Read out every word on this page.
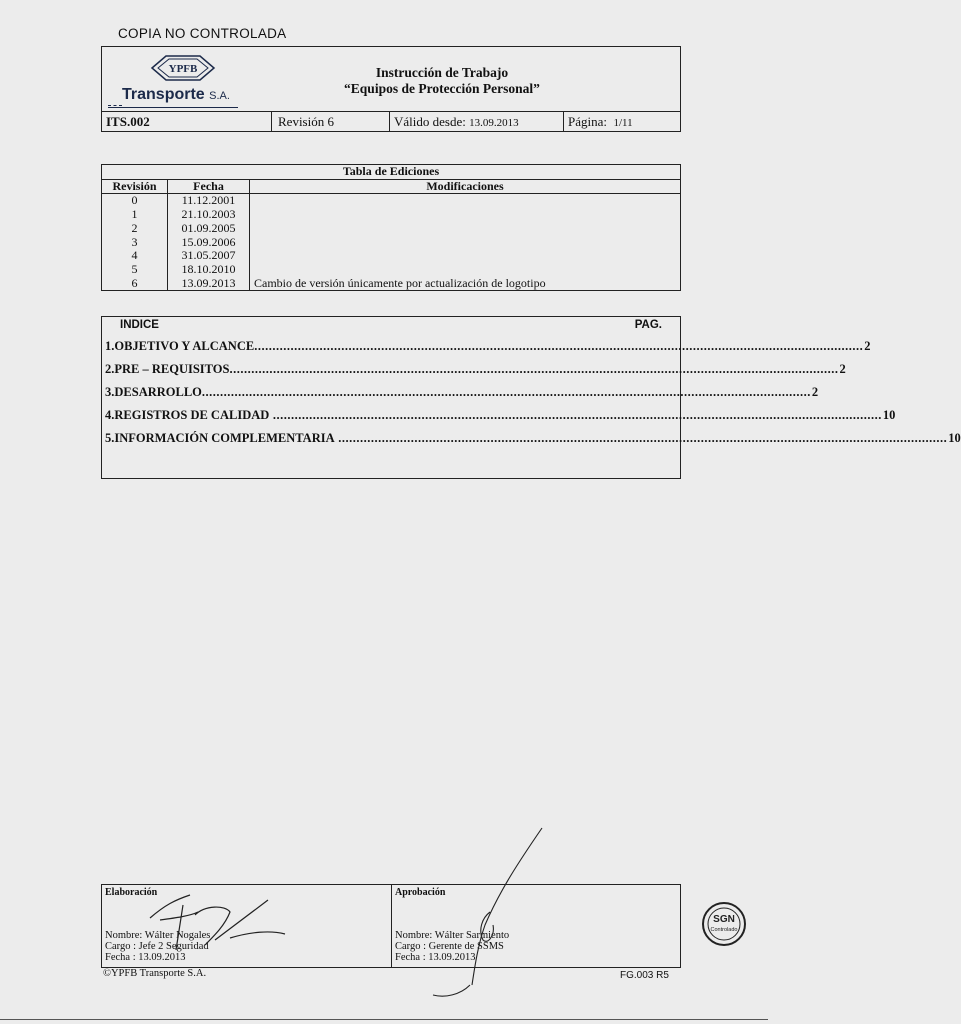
COPIA NO CONTROLADA
YPFB
Transporte S.A.
Instrucción de Trabajo
“Equipos de Protección Personal”
ITS.002	Revisión 6	Válido desde: 13.09.2013	Página: 1/11
Tabla de Ediciones		
Revisión	Fecha	Modificaciones
0	11.12.2001	
1	21.10.2003	
2	01.09.2005	
3	15.09.2006	
4	31.05.2007	
5	18.10.2010	
6	13.09.2013	Cambio de versión únicamente por actualización de logotipo
INDICE	PAG.
1. OBJETIVO Y ALCANCE ........................................................................................................................................................................ 2
2. PRE – REQUISITOS ........................................................................................................................................................................ 2
3. DESARROLLO ........................................................................................................................................................................ 2
4. REGISTROS DE CALIDAD ........................................................................................................................................................................ 10
5. INFORMACIÓN COMPLEMENTARIA ........................................................................................................................................................................ 10
Elaboración
Nombre: Wálter Nogales
Cargo : Jefe 2 Seguridad
Fecha : 13.09.2013
Aprobación
Nombre: Wálter Sarmiento
Cargo : Gerente de SSMS
Fecha : 13.09.2013
©YPFB Transporte S.A.	FG.003 R5
SGN
Controlado
